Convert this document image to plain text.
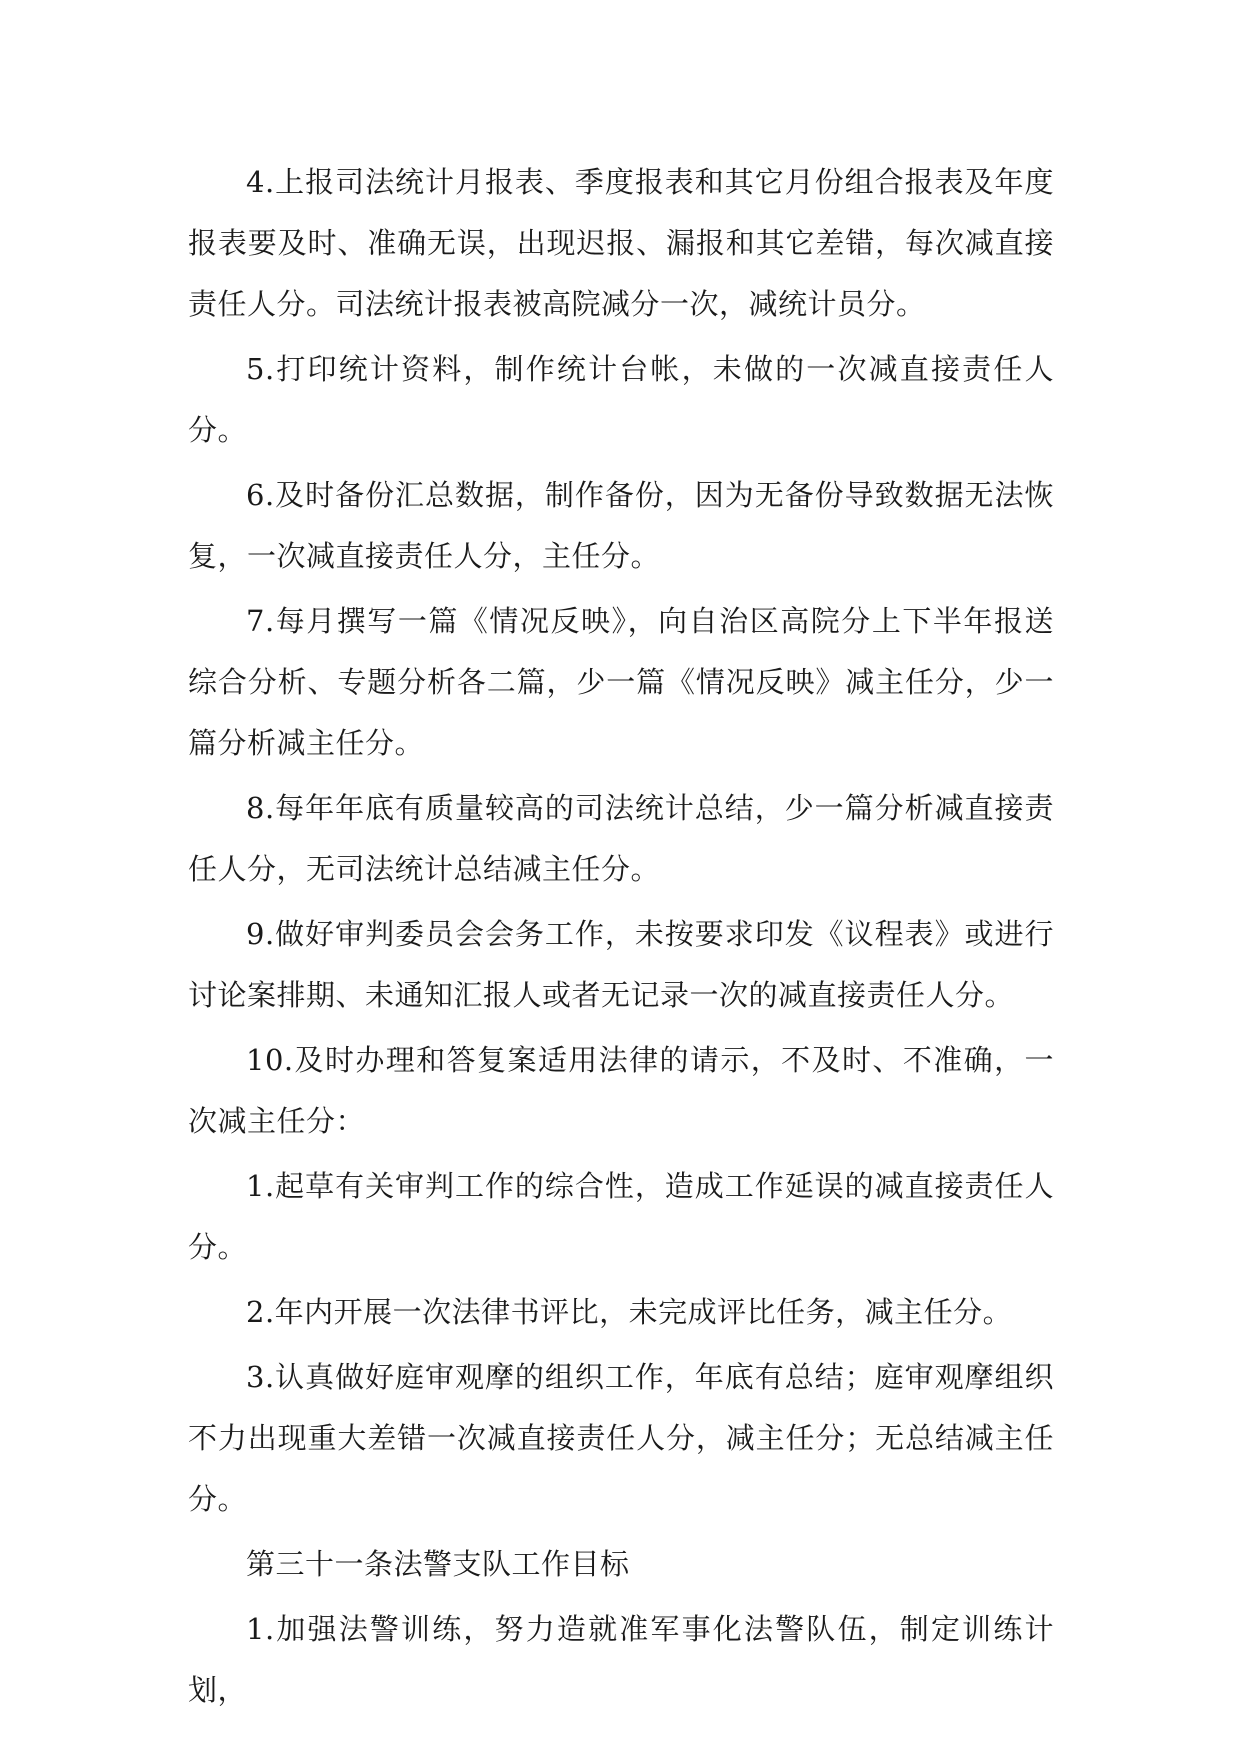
4.上报司法统计月报表、季度报表和其它月份组合报表及年度报表要及时、准确无误，出现迟报、漏报和其它差错，每次减直接责任人分。司法统计报表被高院减分一次，减统计员分。

5.打印统计资料，制作统计台帐，未做的一次减直接责任人分。

6.及时备份汇总数据，制作备份，因为无备份导致数据无法恢复，一次减直接责任人分，主任分。

7.每月撰写一篇《情况反映》，向自治区高院分上下半年报送综合分析、专题分析各二篇，少一篇《情况反映》减主任分，少一篇分析减主任分。

8.每年年底有质量较高的司法统计总结，少一篇分析减直接责任人分，无司法统计总结减主任分。

9.做好审判委员会会务工作，未按要求印发《议程表》或进行讨论案排期、未通知汇报人或者无记录一次的减直接责任人分。

10.及时办理和答复案适用法律的请示，不及时、不准确，一次减主任分：

1.起草有关审判工作的综合性，造成工作延误的减直接责任人分。

2.年内开展一次法律书评比，未完成评比任务，减主任分。

3.认真做好庭审观摩的组织工作，年底有总结；庭审观摩组织不力出现重大差错一次减直接责任人分，减主任分；无总结减主任分。

第三十一条法警支队工作目标

1.加强法警训练，努力造就准军事化法警队伍，制定训练计划，
